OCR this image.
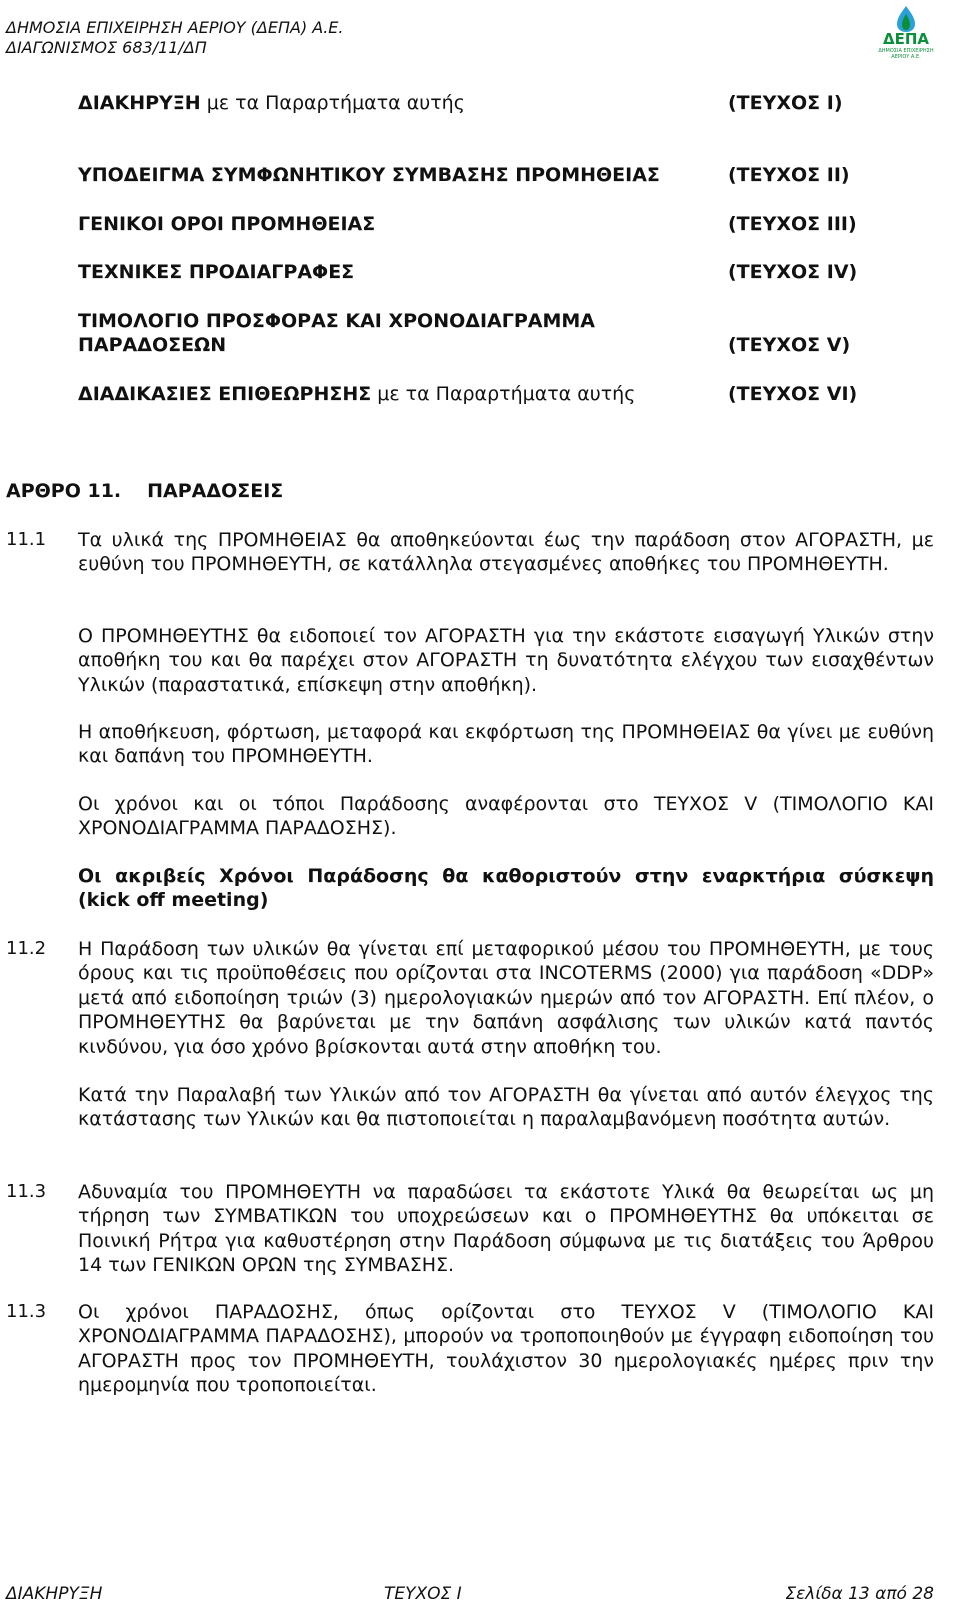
ΔΗΜΟΣΙΑ ΕΠΙΧΕΙΡΗΣΗ ΑΕΡΙΟΥ (ΔΕΠΑ) Α.Ε.
ΔΙΑΓΩΝΙΣΜΟΣ 683/11/ΔΠ	ΔΕΠΑ
ΔΗΜΟΣΙΑ ΕΠΙΧΕΙΡΗΣΗ ΑΕΡΙΟΥ Α.Ε.
ΔΙΑΚΗΡΥΞΗ με τα Παραρτήματα αυτής	(ΤΕΥΧΟΣ Ι)
ΥΠΟΔΕΙΓΜΑ ΣΥΜΦΩΝΗΤΙΚΟΥ ΣΥΜΒΑΣΗΣ ΠΡΟΜΗΘΕΙΑΣ	(ΤΕΥΧΟΣ ΙΙ)
ΓΕΝΙΚΟΙ ΟΡΟΙ ΠΡΟΜΗΘΕΙΑΣ	(ΤΕΥΧΟΣ ΙΙΙ)
ΤΕΧΝΙΚΕΣ ΠΡΟΔΙΑΓΡΑΦΕΣ	(ΤΕΥΧΟΣ ΙV)
ΤΙΜΟΛΟΓΙΟ ΠΡΟΣΦΟΡΑΣ ΚΑΙ ΧΡΟΝΟΔΙΑΓΡΑΜΜΑ
ΠΑΡΑΔΟΣΕΩΝ	(ΤΕΥΧΟΣ V)
ΔΙΑΔΙΚΑΣΙΕΣ ΕΠΙΘΕΩΡΗΣΗΣ με τα Παραρτήματα αυτής	(ΤΕΥΧΟΣ VI)
ΑΡΘΡΟ 11. ΠΑΡΑΔΟΣΕΙΣ
11.1	Τα υλικά της ΠΡΟΜΗΘΕΙΑΣ θα αποθηκεύονται έως την παράδοση στον ΑΓΟΡΑΣΤΗ, με ευθύνη του ΠΡΟΜΗΘΕΥΤΗ, σε κατάλληλα στεγασμένες αποθήκες του ΠΡΟΜΗΘΕΥΤΗ.
Ο ΠΡΟΜΗΘΕΥΤΗΣ θα ειδοποιεί τον ΑΓΟΡΑΣΤΗ για την εκάστοτε εισαγωγή Υλικών στην αποθήκη του και θα παρέχει στον ΑΓΟΡΑΣΤΗ τη δυνατότητα ελέγχου των εισαχθέντων Υλικών (παραστατικά, επίσκεψη στην αποθήκη).
Η αποθήκευση, φόρτωση, μεταφορά και εκφόρτωση της ΠΡΟΜΗΘΕΙΑΣ θα γίνει με ευθύνη και δαπάνη του ΠΡΟΜΗΘΕΥΤΗ.
Οι χρόνοι και οι τόποι Παράδοσης αναφέρονται στο ΤΕΥΧΟΣ V (ΤΙΜΟΛΟΓΙΟ ΚΑΙ ΧΡΟΝΟΔΙΑΓΡΑΜΜΑ ΠΑΡΑΔΟΣΗΣ).
Οι ακριβείς Χρόνοι Παράδοσης θα καθοριστούν στην εναρκτήρια σύσκεψη (kick off meeting)
11.2	Η Παράδοση των υλικών θα γίνεται επί μεταφορικού μέσου του ΠΡΟΜΗΘΕΥΤΗ, με τους όρους και τις προϋποθέσεις που ορίζονται στα INCOTERMS (2000) για παράδοση «DDP» μετά από ειδοποίηση τριών (3) ημερολογιακών ημερών από τον ΑΓΟΡΑΣΤΗ. Επί πλέον, ο ΠΡΟΜΗΘΕΥΤΗΣ θα βαρύνεται με την δαπάνη ασφάλισης των υλικών κατά παντός κινδύνου, για όσο χρόνο βρίσκονται αυτά στην αποθήκη του.
Κατά την Παραλαβή των Υλικών από τον ΑΓΟΡΑΣΤΗ θα γίνεται από αυτόν έλεγχος της κατάστασης των Υλικών και θα πιστοποιείται η παραλαμβανόμενη ποσότητα αυτών.
11.3	Αδυναμία του ΠΡΟΜΗΘΕΥΤΗ να παραδώσει τα εκάστοτε Υλικά θα θεωρείται ως μη τήρηση των ΣΥΜΒΑΤΙΚΩΝ του υποχρεώσεων και ο ΠΡΟΜΗΘΕΥΤΗΣ θα υπόκειται σε Ποινική Ρήτρα για καθυστέρηση στην Παράδοση σύμφωνα με τις διατάξεις του Άρθρου 14 των ΓΕΝΙΚΩΝ ΟΡΩΝ της ΣΥΜΒΑΣΗΣ.
11.3	Οι χρόνοι ΠΑΡΑΔΟΣΗΣ, όπως ορίζονται στο ΤΕΥΧΟΣ V (ΤΙΜΟΛΟΓΙΟ ΚΑΙ ΧΡΟΝΟΔΙΑΓΡΑΜΜΑ ΠΑΡΑΔΟΣΗΣ), μπορούν να τροποποιηθούν με έγγραφη ειδοποίηση του ΑΓΟΡΑΣΤΗ προς τον ΠΡΟΜΗΘΕΥΤΗ, τουλάχιστον 30 ημερολογιακές ημέρες πριν την ημερομηνία που τροποποιείται.
ΔΙΑΚΗΡΥΞΗ	ΤΕΥΧΟΣ Ι	Σελίδα 13 από 28
